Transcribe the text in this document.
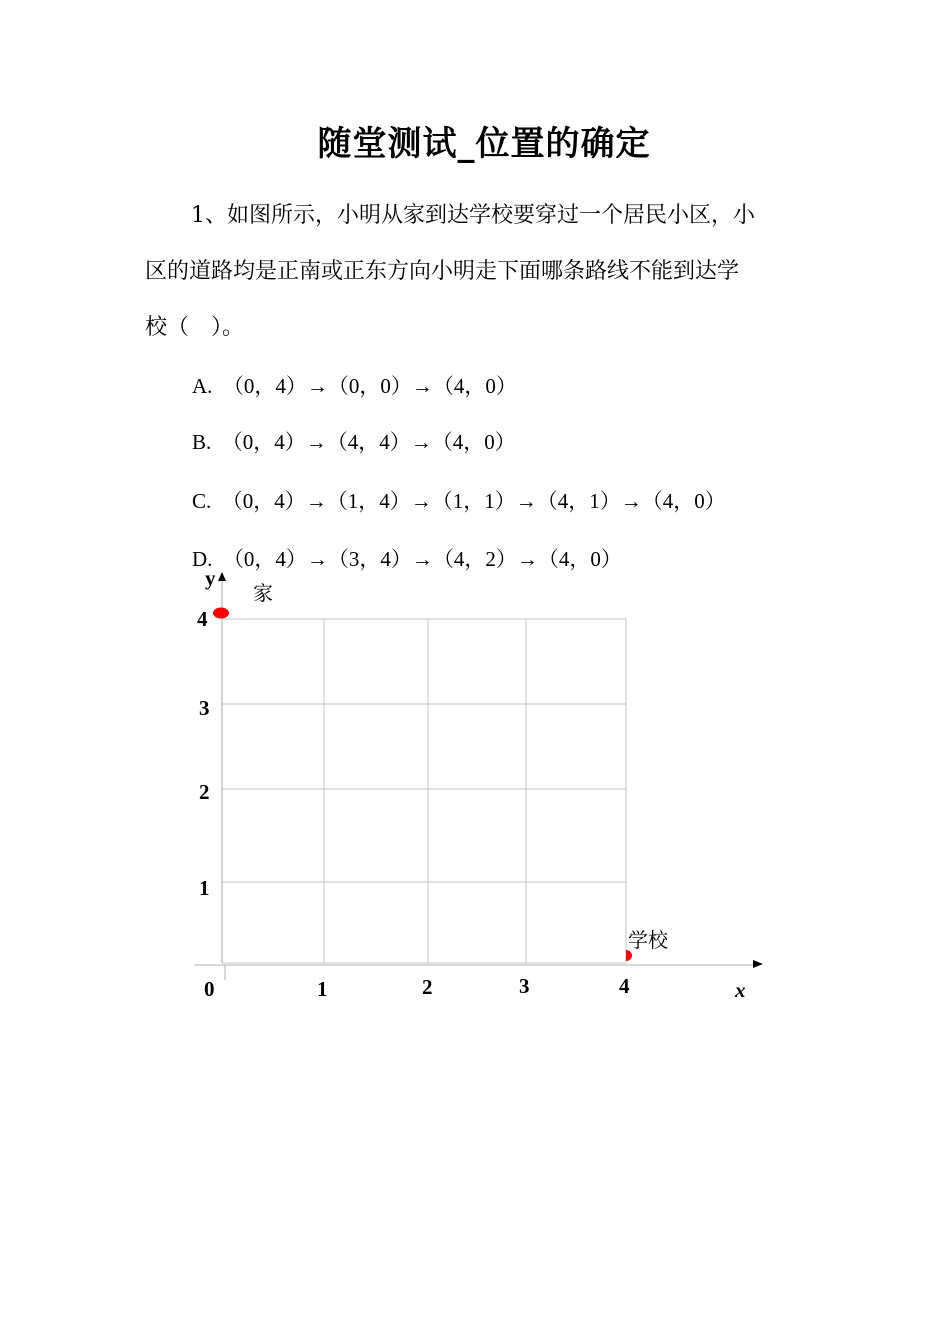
随堂测试_位置的确定
1、如图所示，小明从家到达学校要穿过一个居民小区，小
区的道路均是正南或正东方向小明走下面哪条路线不能到达学
校（　）。
A. （0，4）→（0，0）→（4，0）
B. （0，4）→（4，4）→（4，0）
C. （0，4）→（1，4）→（1，1）→（4，1）→（4，0）
D. （0，4）→（3，4）→（4，2）→（4，0）
y
x
家
学校
4
3
2
1
0	1	2	3	4
